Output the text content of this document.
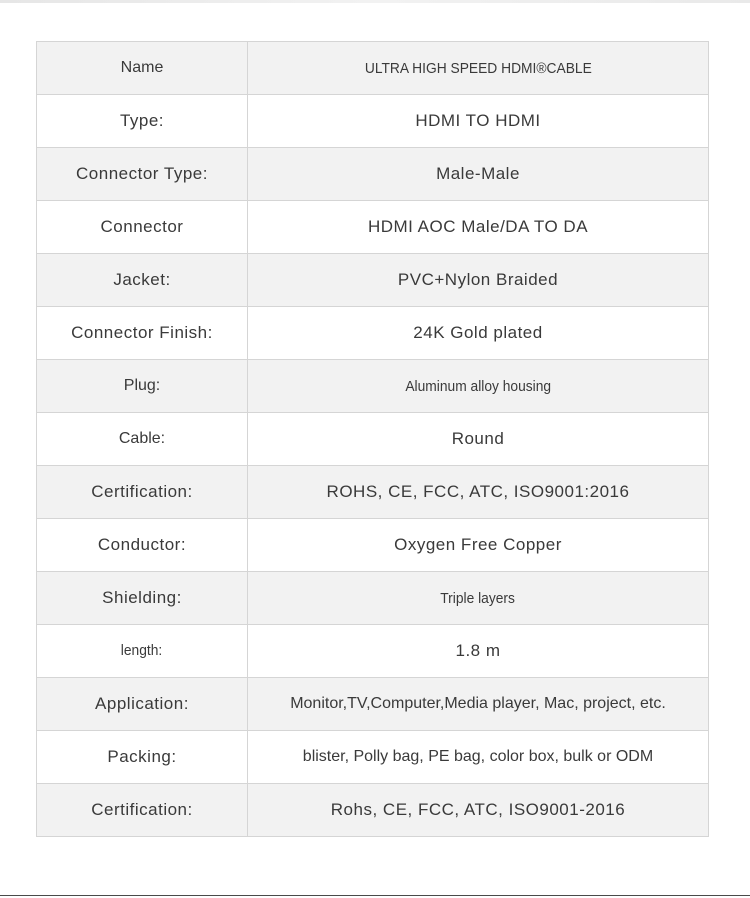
Name	ULTRA HIGH SPEED HDMI®CABLE
Type:	HDMI TO HDMI
Connector Type:	Male-Male
Connector	HDMI AOC Male/DA TO DA
Jacket:	PVC+Nylon Braided
Connector Finish:	24K Gold plated
Plug:	Aluminum alloy housing
Cable:	Round
Certification:	ROHS, CE, FCC, ATC, ISO9001:2016
Conductor:	Oxygen Free Copper
Shielding:	Triple layers
length:	1.8 m
Application:	Monitor,TV,Computer,Media player, Mac, project, etc.
Packing:	blister, Polly bag, PE bag, color box, bulk or ODM
Certification:	Rohs, CE, FCC, ATC, ISO9001-2016
